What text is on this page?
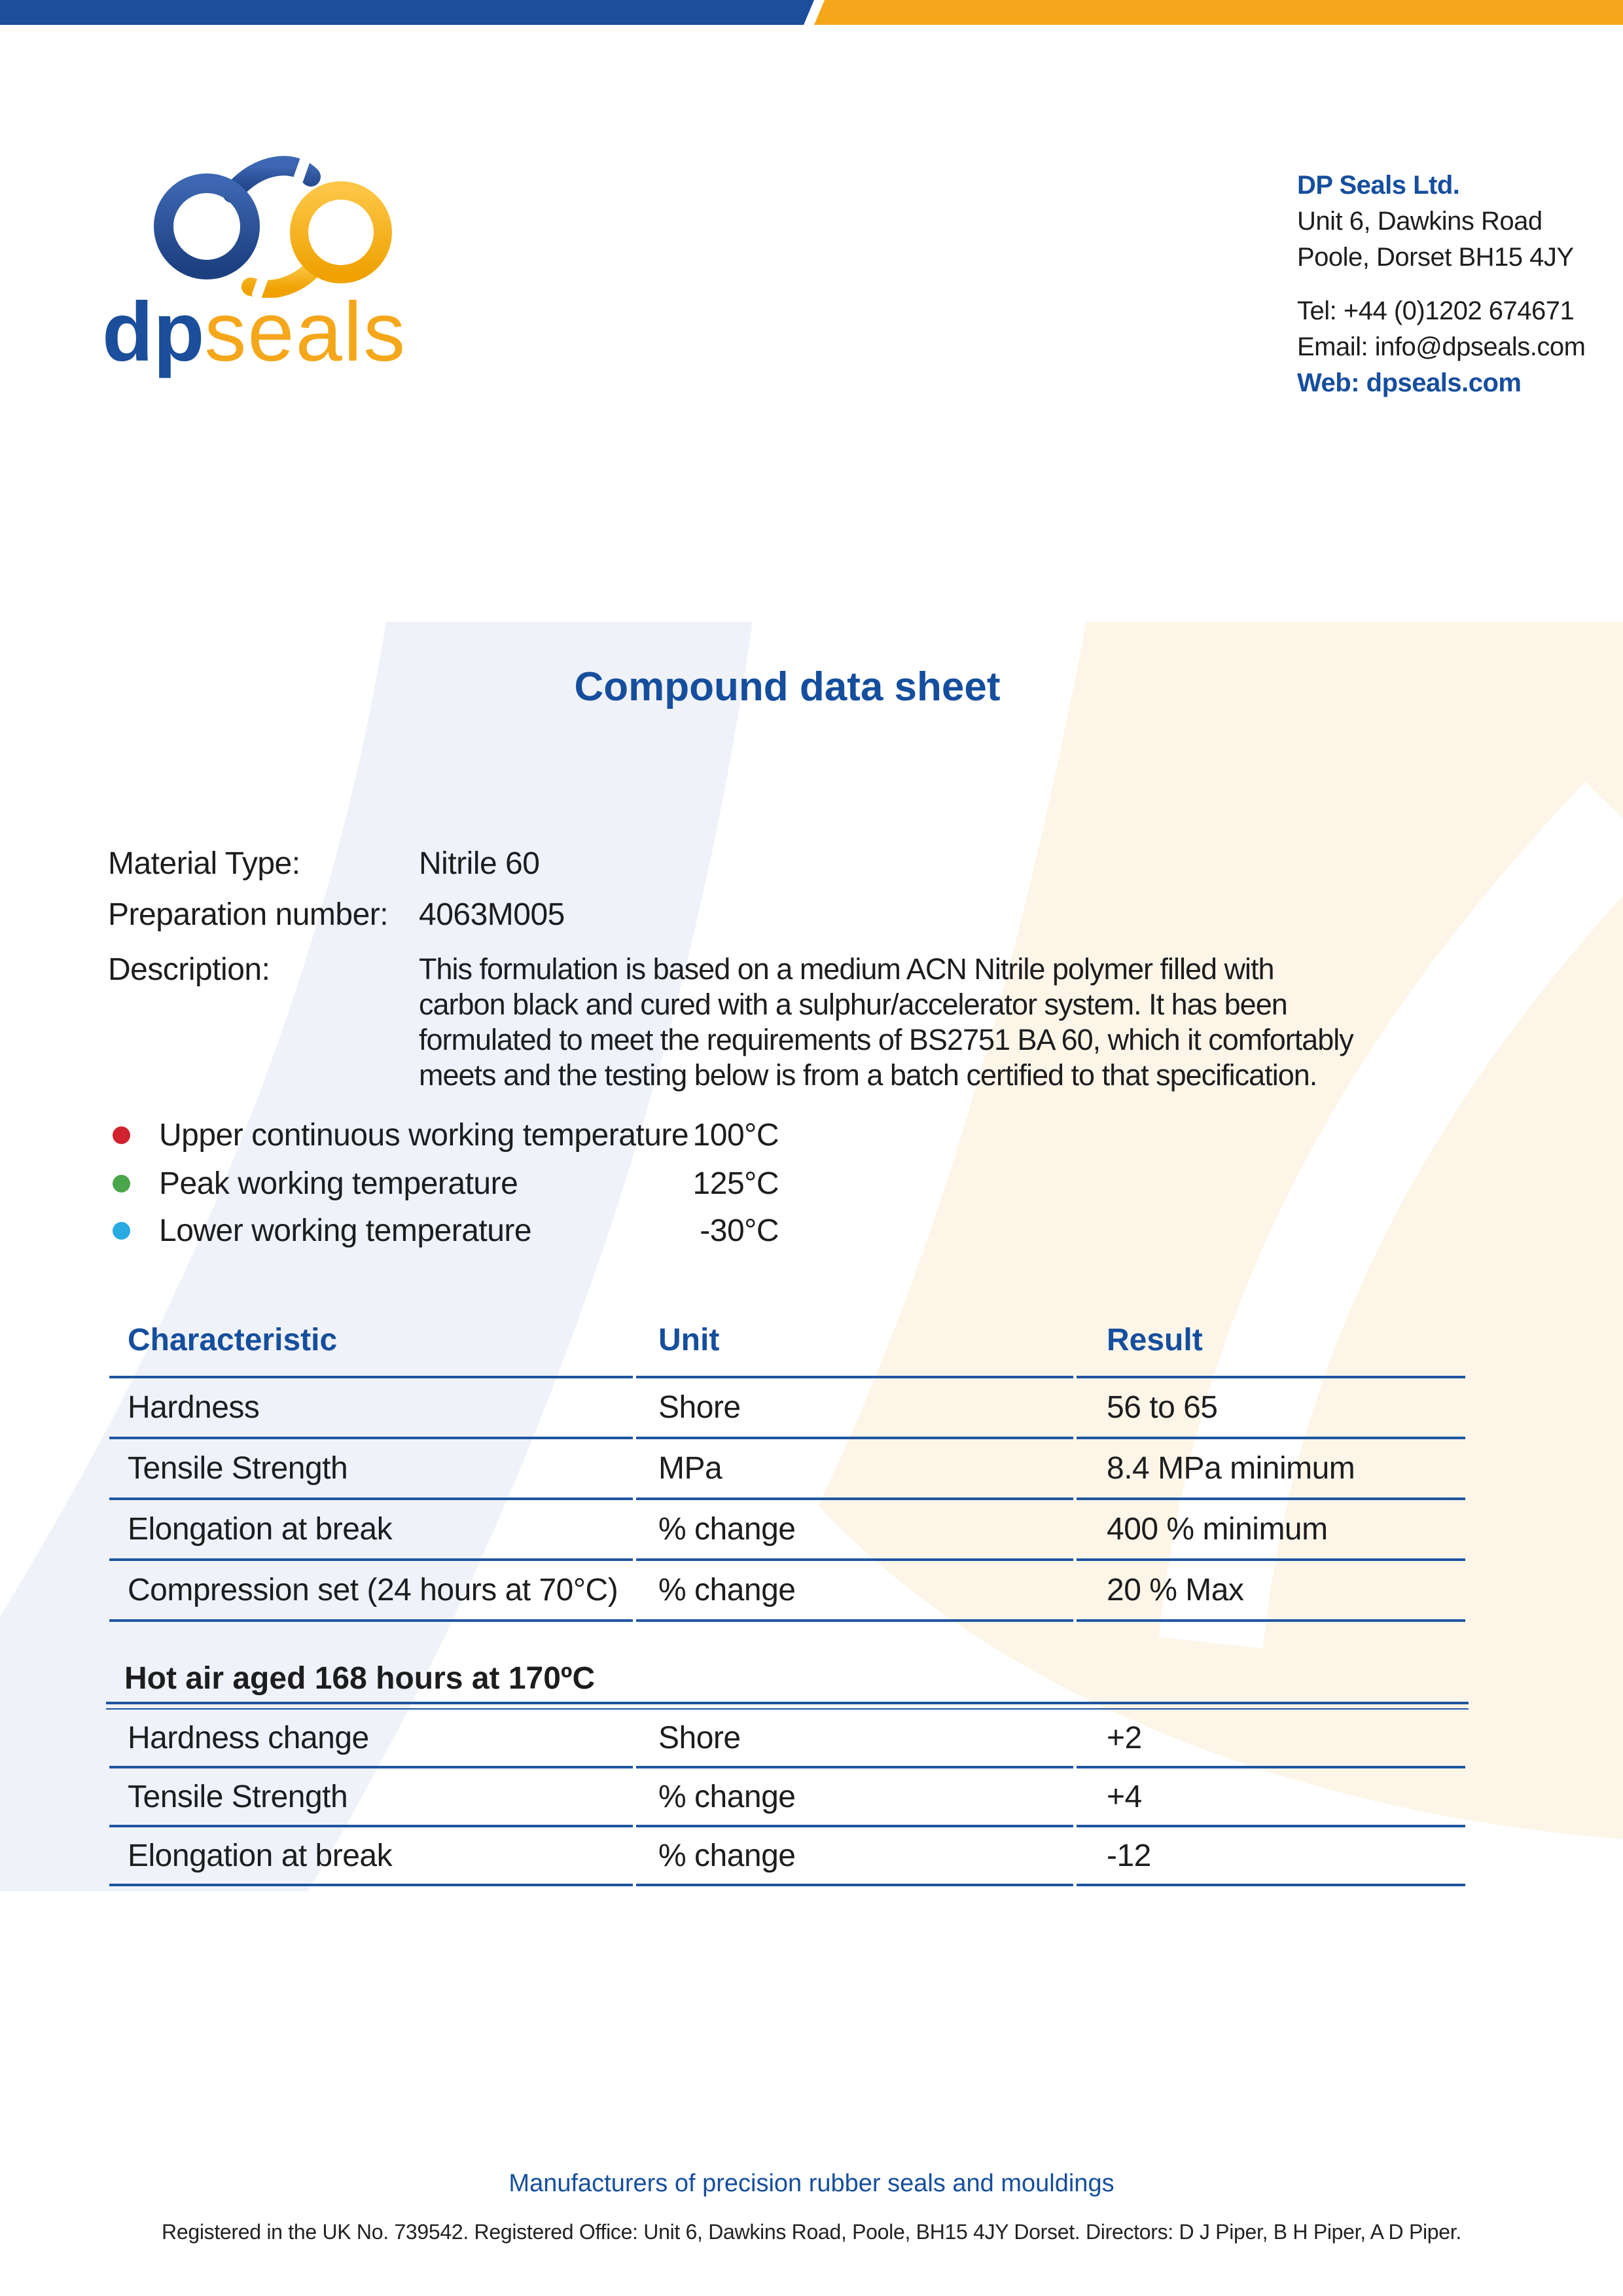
dpseals
DP Seals Ltd.
Unit 6, Dawkins Road
Poole, Dorset BH15 4JY
Tel: +44 (0)1202 674671
Email: info@dpseals.com
Web: dpseals.com
Compound data sheet
Material Type:	Nitrile 60
Preparation number: 4063M005
Description:	This formulation is based on a medium ACN Nitrile polymer filled with
carbon black and cured with a sulphur/accelerator system. It has been
formulated to meet the requirements of BS2751 BA 60, which it comfortably
meets and the testing below is from a batch certified to that specification.
Upper continuous working temperature 100°C
Peak working temperature	125°C
Lower working temperature	-30°C
Characteristic	Unit	Result
Hardness	Shore	56 to 65
Tensile Strength	MPa	8.4 MPa minimum
Elongation at break	% change	400 % minimum
Compression set (24 hours at 70°C)	% change	20 % Max
Hot air aged 168 hours at 170ºC
Hardness change	Shore	+2
Tensile Strength	% change	+4
Elongation at break	% change	-12
Manufacturers of precision rubber seals and mouldings
Registered in the UK No. 739542. Registered Office: Unit 6, Dawkins Road, Poole, BH15 4JY Dorset. Directors: D J Piper, B H Piper, A D Piper.
